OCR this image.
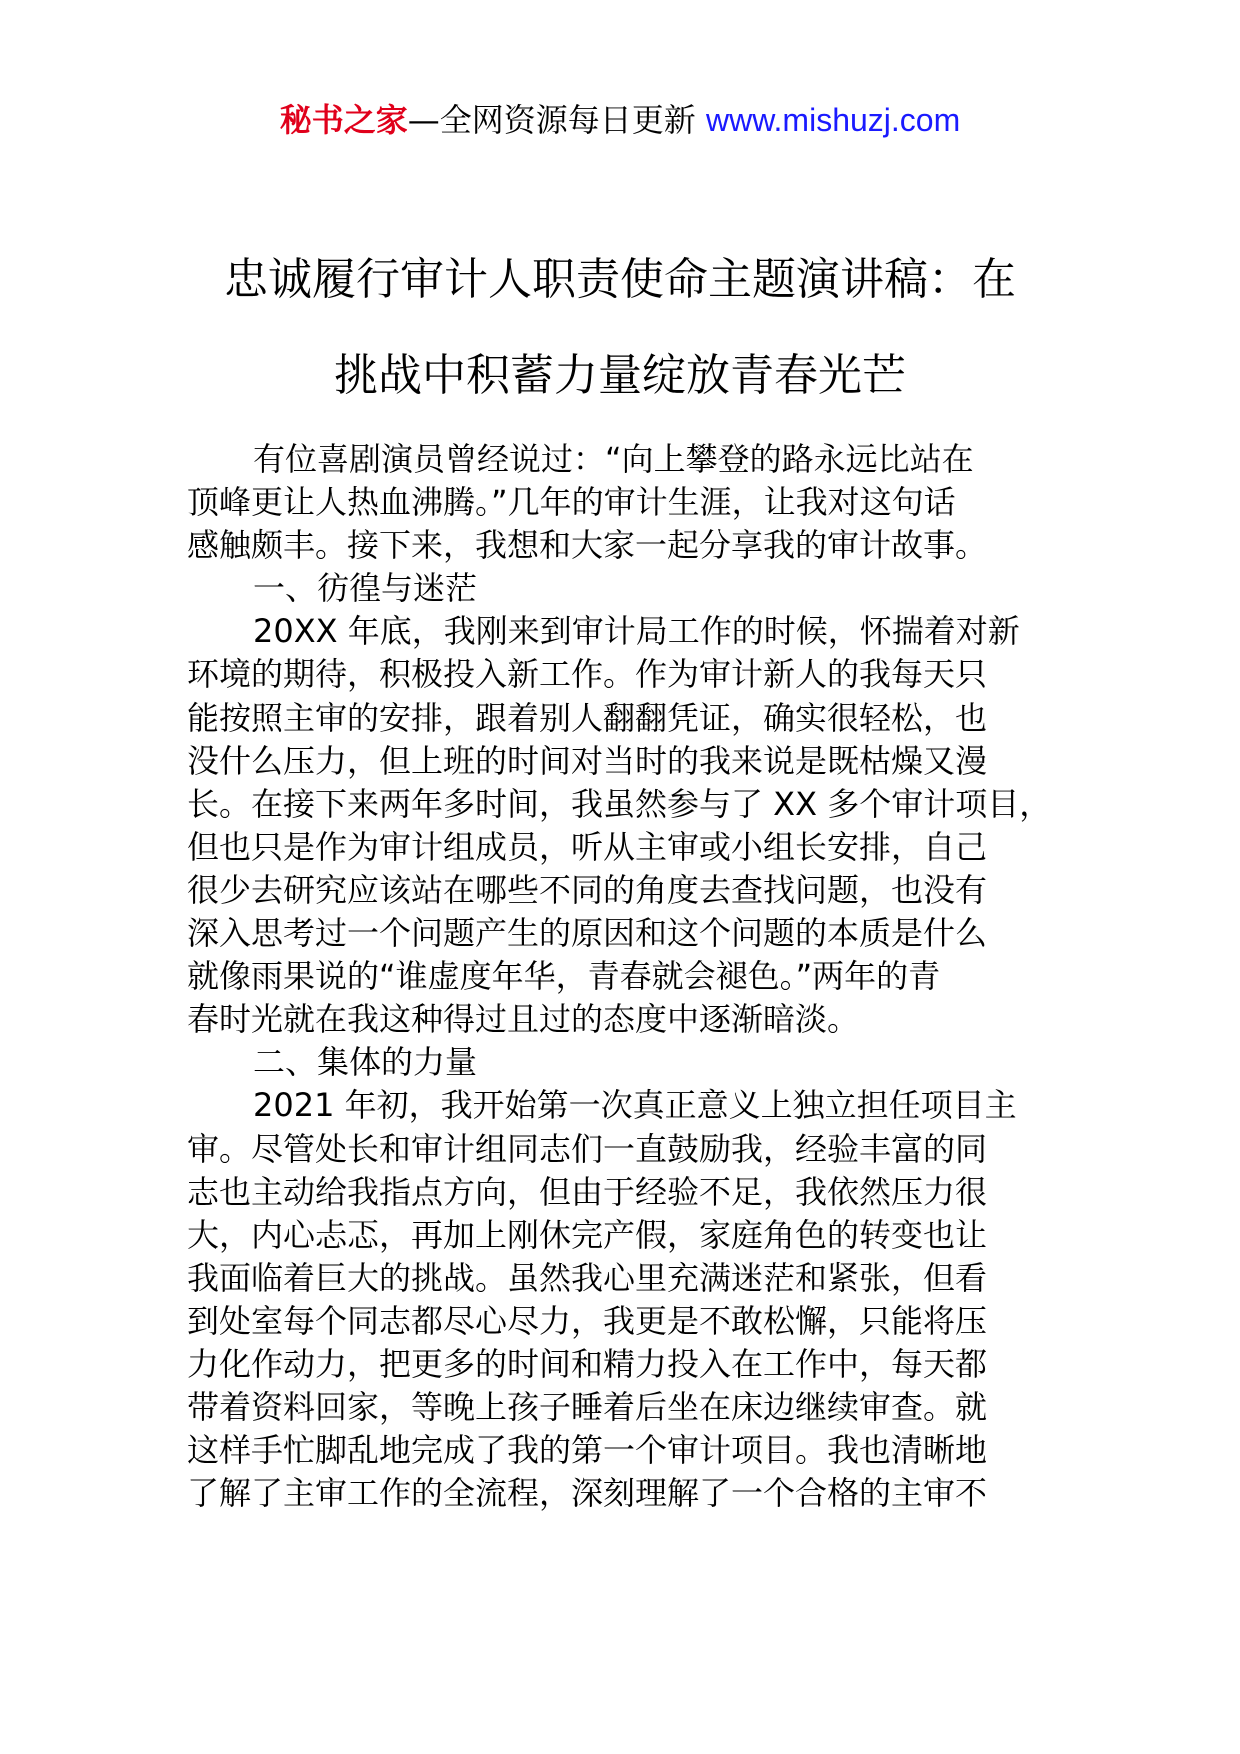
秘书之家—全网资源每日更新 www.mishuzj.com
忠诚履行审计人职责使命主题演讲稿：在
挑战中积蓄力量绽放青春光芒
有位喜剧演员曾经说过：“向上攀登的路永远比站在
顶峰更让人热血沸腾。”几年的审计生涯，让我对这句话
感触颇丰。接下来，我想和大家一起分享我的审计故事。
一、彷徨与迷茫
20XX 年底，我刚来到审计局工作的时候，怀揣着对新
环境的期待，积极投入新工作。作为审计新人的我每天只
能按照主审的安排，跟着别人翻翻凭证，确实很轻松，也
没什么压力，但上班的时间对当时的我来说是既枯燥又漫
长。在接下来两年多时间，我虽然参与了 XX 多个审计项目，
但也只是作为审计组成员，听从主审或小组长安排，自己
很少去研究应该站在哪些不同的角度去查找问题，也没有
深入思考过一个问题产生的原因和这个问题的本质是什么
就像雨果说的“谁虚度年华，青春就会褪色。”两年的青
春时光就在我这种得过且过的态度中逐渐暗淡。
二、集体的力量
2021 年初，我开始第一次真正意义上独立担任项目主
审。尽管处长和审计组同志们一直鼓励我，经验丰富的同
志也主动给我指点方向，但由于经验不足，我依然压力很
大，内心忐忑，再加上刚休完产假，家庭角色的转变也让
我面临着巨大的挑战。虽然我心里充满迷茫和紧张，但看
到处室每个同志都尽心尽力，我更是不敢松懈，只能将压
力化作动力，把更多的时间和精力投入在工作中，每天都
带着资料回家，等晚上孩子睡着后坐在床边继续审查。就
这样手忙脚乱地完成了我的第一个审计项目。我也清晰地
了解了主审工作的全流程，深刻理解了一个合格的主审不
